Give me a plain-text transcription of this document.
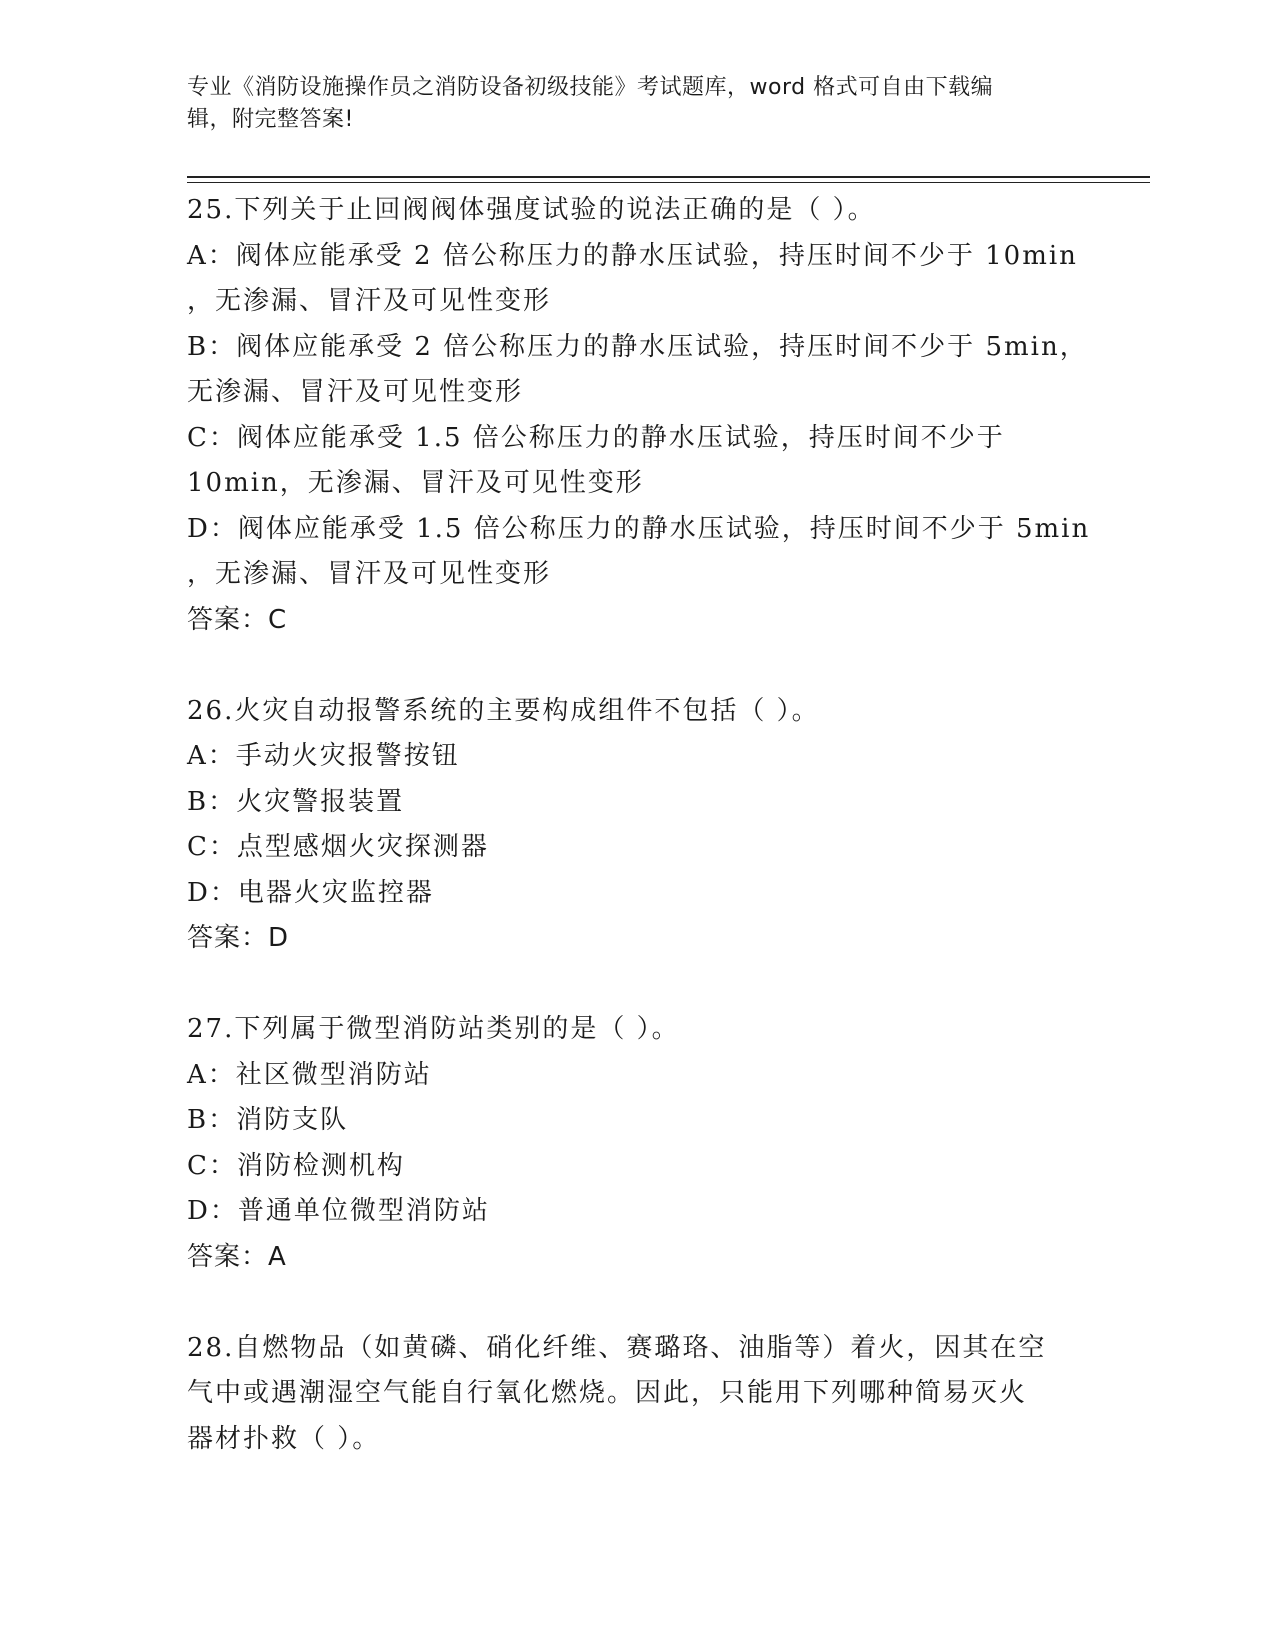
专业《消防设施操作员之消防设备初级技能》考试题库，word 格式可自由下载编
辑，附完整答案!
25.下列关于止回阀阀体强度试验的说法正确的是（ ）。
A：阀体应能承受 2 倍公称压力的静水压试验，持压时间不少于 10min
，无渗漏、冒汗及可见性变形
B：阀体应能承受 2 倍公称压力的静水压试验，持压时间不少于 5min，
无渗漏、冒汗及可见性变形
C：阀体应能承受 1.5 倍公称压力的静水压试验，持压时间不少于
10min，无渗漏、冒汗及可见性变形
D：阀体应能承受 1.5 倍公称压力的静水压试验，持压时间不少于 5min
，无渗漏、冒汗及可见性变形
答案：C
26.火灾自动报警系统的主要构成组件不包括（ ）。
A：手动火灾报警按钮
B：火灾警报装置
C：点型感烟火灾探测器
D：电器火灾监控器
答案：D
27.下列属于微型消防站类别的是（ ）。
A：社区微型消防站
B：消防支队
C：消防检测机构
D：普通单位微型消防站
答案：A
28.自燃物品（如黄磷、硝化纤维、赛璐珞、油脂等）着火，因其在空
气中或遇潮湿空气能自行氧化燃烧。因此，只能用下列哪种简易灭火
器材扑救（ ）。
